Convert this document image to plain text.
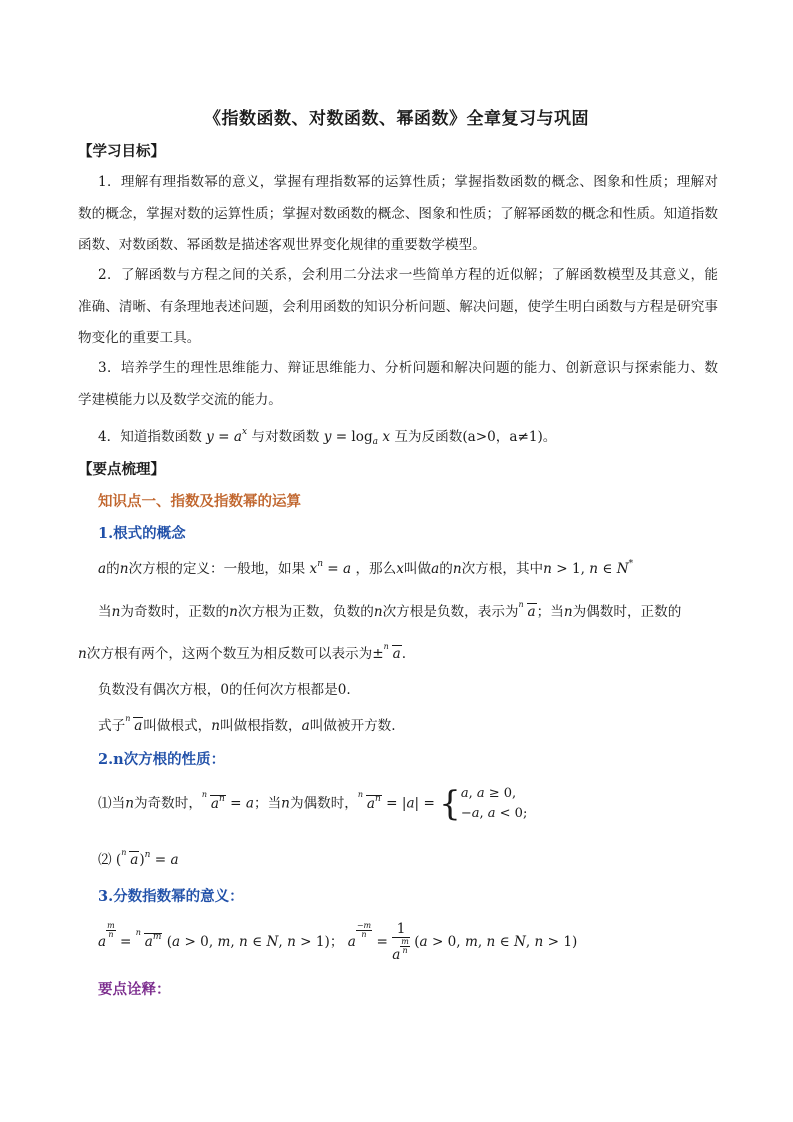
《指数函数、对数函数、幂函数》全章复习与巩固
【学习目标】
1．理解有理指数幂的意义，掌握有理指数幂的运算性质；掌握指数函数的概念、图象和性质；理解对数的概念，掌握对数的运算性质；掌握对数函数的概念、图象和性质；了解幂函数的概念和性质。知道指数函数、对数函数、幂函数是描述客观世界变化规律的重要数学模型。
2．了解函数与方程之间的关系，会利用二分法求一些简单方程的近似解；了解函数模型及其意义，能准确、清晰、有条理地表述问题，会利用函数的知识分析问题、解决问题，使学生明白函数与方程是研究事物变化的重要工具。
3．培养学生的理性思维能力、辩证思维能力、分析问题和解决问题的能力、创新意识与探索能力、数学建模能力以及数学交流的能力。
4．知道指数函数 $y = a^x$ 与对数函数 $y = \log_a x$ 互为反函数(a>0，a≠1)。
【要点梳理】
知识点一、指数及指数幂的运算
1.根式的概念
a的n次方根的定义：一般地，如果 $x^n = a$ ，那么x叫做a的n次方根，其中n > 1, n ∈ N*
当n为奇数时，正数的n次方根为正数，负数的n次方根是负数，表示为 n a；当n为偶数时，正数的
n次方根有两个，这两个数互为相反数可以表示为± n a.
负数没有偶次方根，0的任何次方根都是0.
式子 n a叫做根式，n叫做根指数，a叫做被开方数.
2.n次方根的性质：
⑴当n为奇数时，
n
$a^n = a$；当n为偶数时，
n
$a^n = |a| = \{a$, a ≥ 0,
−a, a < 0;
⑵ ( n a)$^n$ = a
3.分数指数幂的意义：
a
$\frac{m}{n}$
=
n
$a^m$ (a > 0, m, n ∈ N, n > 1)； a
$\frac{-m}{n}$
= $\frac{1}{a \frac{m}{n}} (a > 0$, m, n ∈ N, n > 1)
要点诠释：
